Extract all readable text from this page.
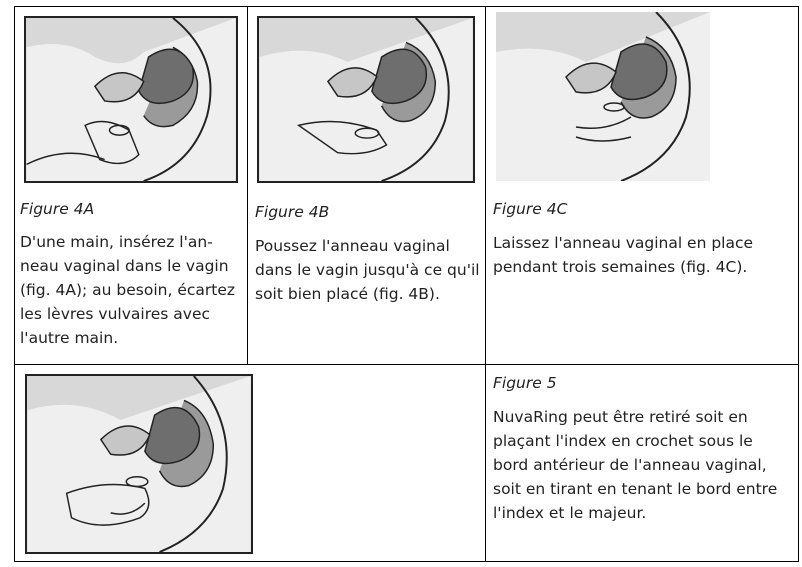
Figure 4A
D'une main, insérez l'an-
neau vaginal dans le vagin
(fig. 4A); au besoin, écartez
les lèvres vulvaires avec
l'autre main.
Figure 4B
Poussez l'anneau vaginal
dans le vagin jusqu'à ce qu'il
soit bien placé (fig. 4B).
Figure 4C
Laissez l'anneau vaginal en place
pendant trois semaines (fig. 4C).
Figure 5
NuvaRing peut être retiré soit en
plaçant l'index en crochet sous le
bord antérieur de l'anneau vaginal,
soit en tirant en tenant le bord entre
l'index et le majeur.
